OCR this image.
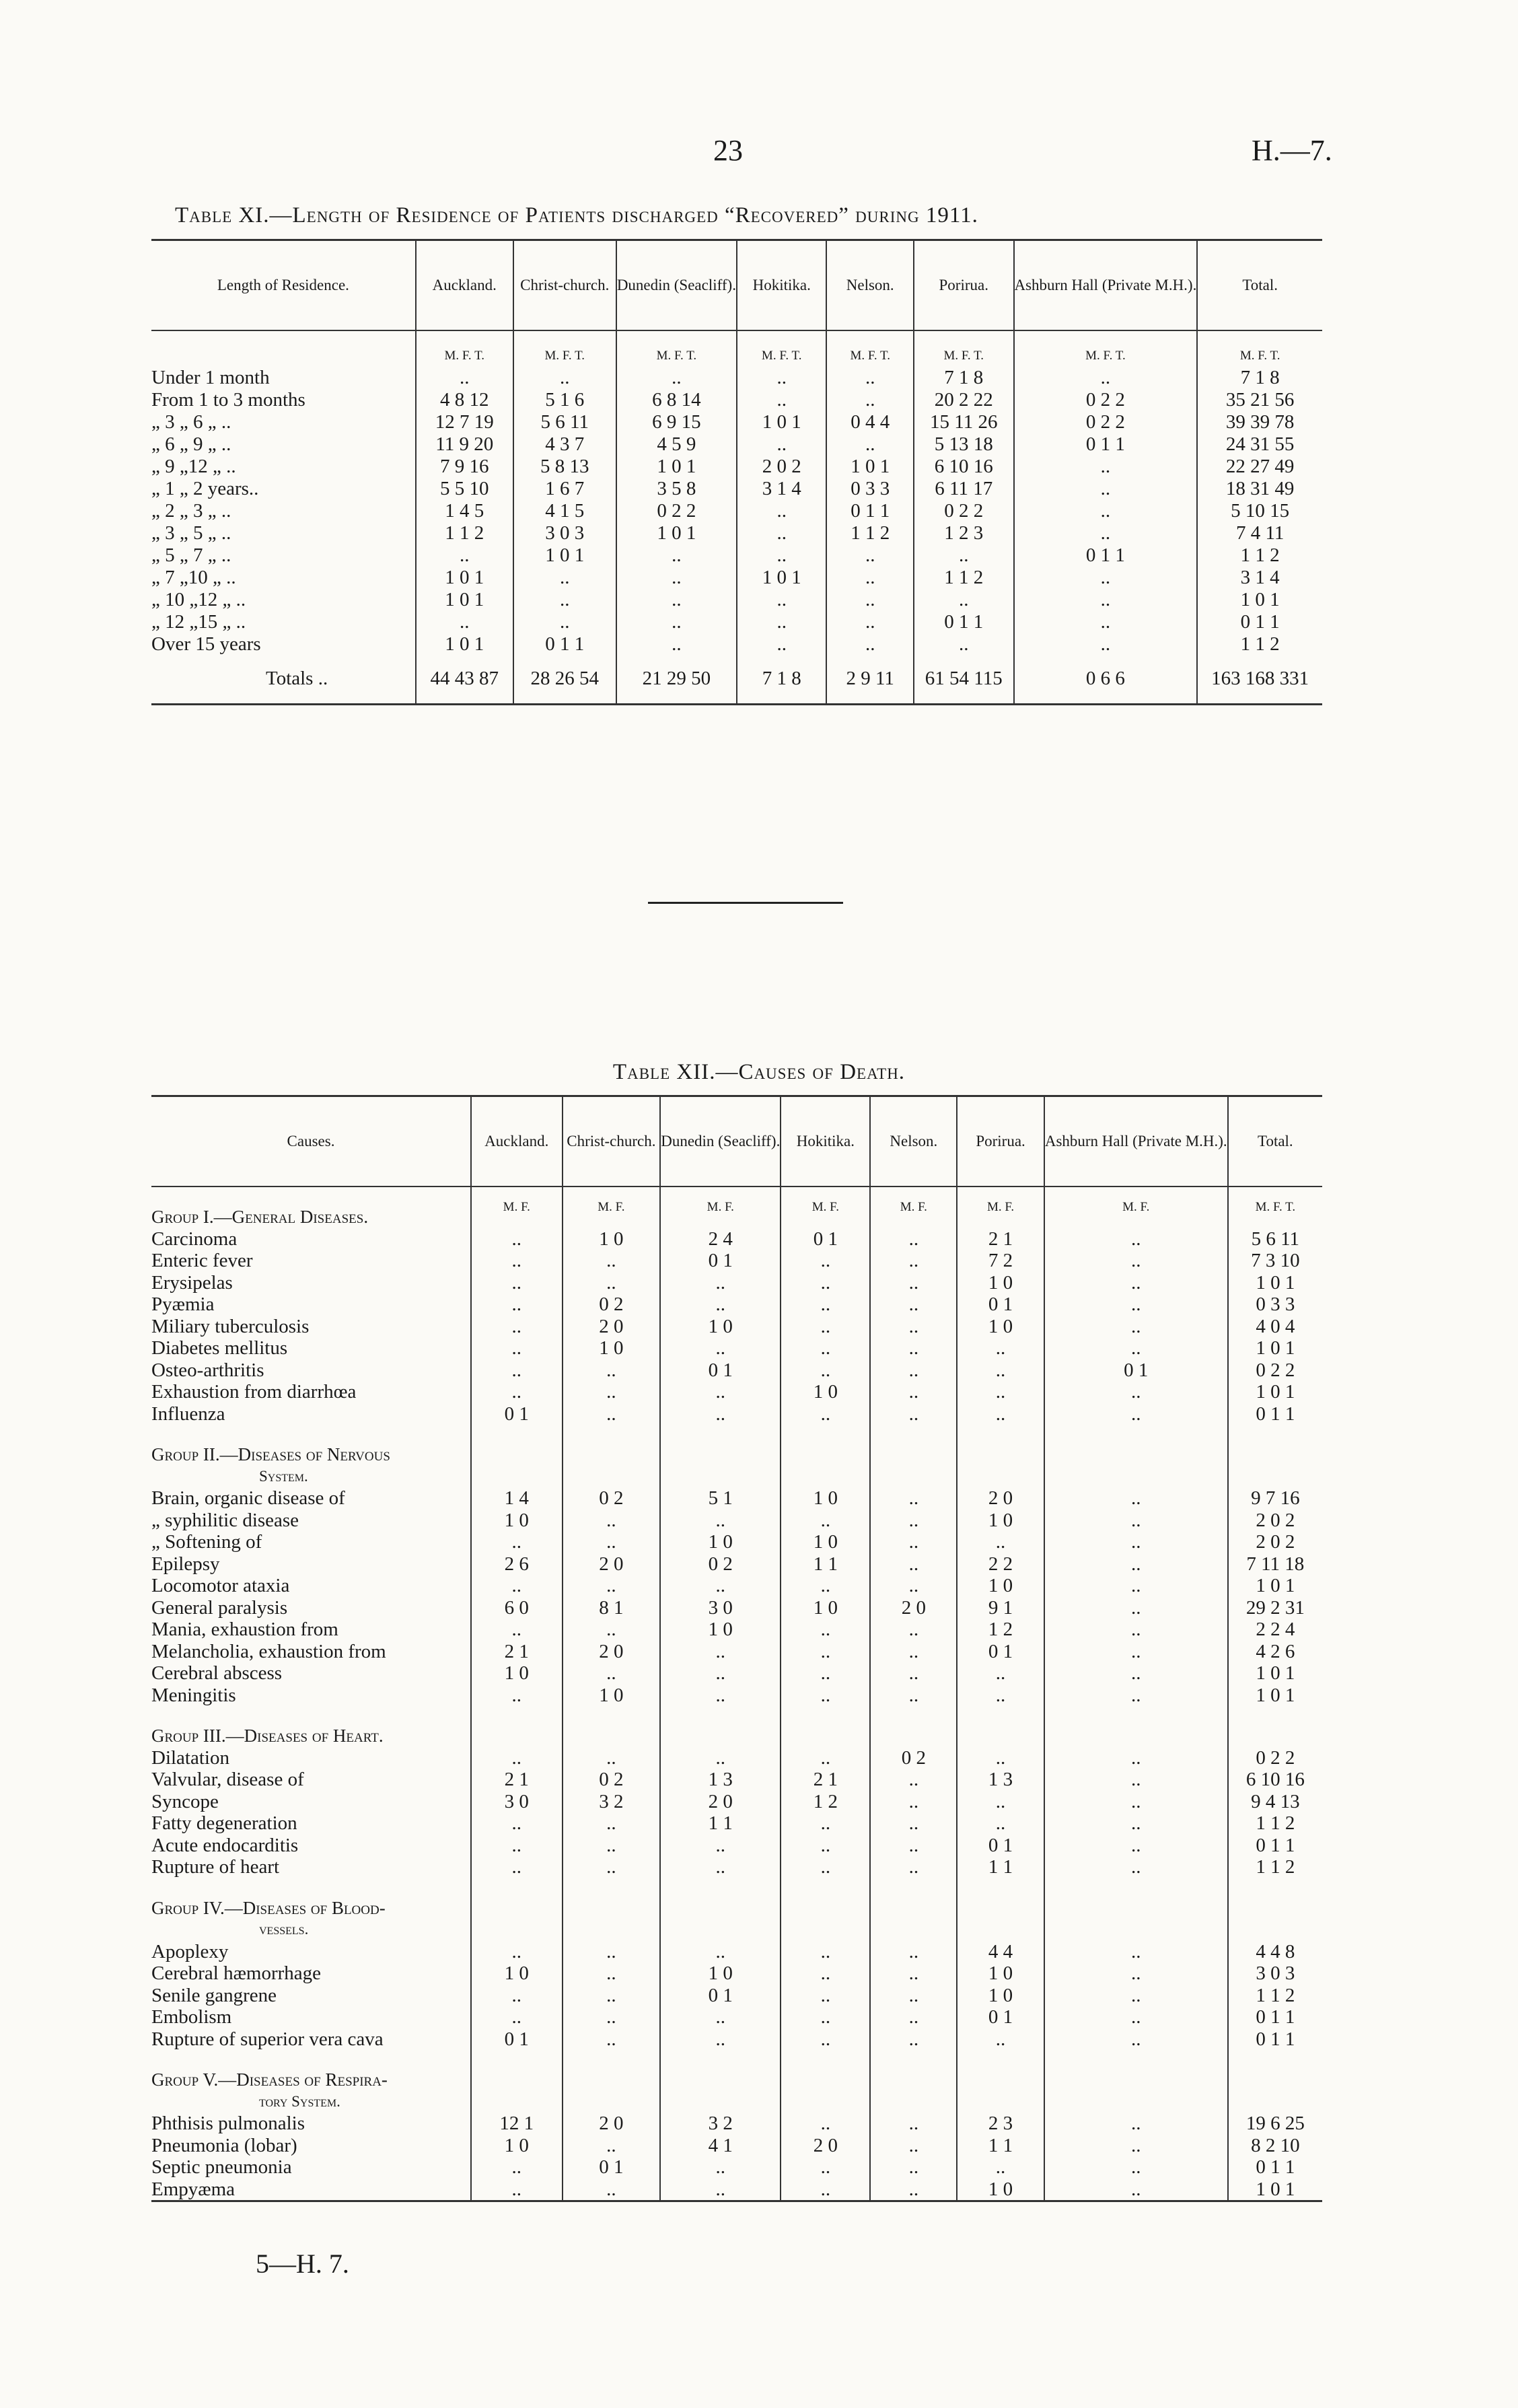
23	H.—7.
Table XI.—Length of Residence of Patients discharged “Recovered” during 1911.
Length of Residence.	Auckland.	Christ-church.	Dunedin (Seacliff).	Hokitika.	Nelson.	Porirua.	Ashburn Hall (Private M.H.).	Total.
	M. F. T.	M. F. T.	M. F. T.	M. F. T.	M. F. T.	M. F. T.	M. F. T.	M. F. T.
Under 1 month	..	..	..	..	..	7 1 8	..	7 1 8
From 1 to 3 months	4 8 12	5 1 6	6 8 14	..	..	20 2 22	0 2 2	35 21 56
„ 3 „ 6 „ ..	12 7 19	5 6 11	6 9 15	1 0 1	0 4 4	15 11 26	0 2 2	39 39 78
„ 6 „ 9 „ ..	11 9 20	4 3 7	4 5 9	..	..	5 13 18	0 1 1	24 31 55
„ 9 „12 „ ..	7 9 16	5 8 13	1 0 1	2 0 2	1 0 1	6 10 16	..	22 27 49
„ 1 „ 2 years..	5 5 10	1 6 7	3 5 8	3 1 4	0 3 3	6 11 17	..	18 31 49
„ 2 „ 3 „ ..	1 4 5	4 1 5	0 2 2	..	0 1 1	0 2 2	..	5 10 15
„ 3 „ 5 „ ..	1 1 2	3 0 3	1 0 1	..	1 1 2	1 2 3	..	7 4 11
„ 5 „ 7 „ ..	..	1 0 1	..	..	..	..	0 1 1	1 1 2
„ 7 „10 „ ..	1 0 1	..	..	1 0 1	..	1 1 2	..	3 1 4
„ 10 „12 „ ..	1 0 1	..	..	..	..	..	..	1 0 1
„ 12 „15 „ ..	..	..	..	..	..	0 1 1	..	0 1 1
Over 15 years	1 0 1	0 1 1	..	..	..	..	..	1 1 2
Totals ..	44 43 87	28 26 54	21 29 50	7 1 8	2 9 11	61 54 115	0 6 6	163 168 331
Table XII.—Causes of Death.
Causes.	Auckland.	Christ-church.	Dunedin (Seacliff).	Hokitika.	Nelson.	Porirua.	Ashburn Hall (Private M.H.).	Total.
Group I.—General Diseases.	M. F.	M. F.	M. F.	M. F.	M. F.	M. F.	M. F.	M. F. T.
Carcinoma	..	1 0	2 4	0 1	..	2 1	..	5 6 11
Enteric fever	..	..	0 1	..	..	7 2	..	7 3 10
Erysipelas	..	..	..	..	..	1 0	..	1 0 1
Pyæmia	..	0 2	..	..	..	0 1	..	0 3 3
Miliary tuberculosis	..	2 0	1 0	..	..	1 0	..	4 0 4
Diabetes mellitus	..	1 0	..	..	..	..	..	1 0 1
Osteo-arthritis	..	..	0 1	..	..	..	0 1	0 2 2
Exhaustion from diarrhœa	..	..	..	1 0	..	..	..	1 0 1
Influenza	0 1	..	..	..	..	..	..	0 1 1
Group II.—Diseases of Nervous								
System.								
Brain, organic disease of	1 4	0 2	5 1	1 0	..	2 0	..	9 7 16
„ syphilitic disease	1 0	..	..	..	..	1 0	..	2 0 2
„ Softening of	..	..	1 0	1 0	..	..	..	2 0 2
Epilepsy	2 6	2 0	0 2	1 1	..	2 2	..	7 11 18
Locomotor ataxia	..	..	..	..	..	1 0	..	1 0 1
General paralysis	6 0	8 1	3 0	1 0	2 0	9 1	..	29 2 31
Mania, exhaustion from	..	..	1 0	..	..	1 2	..	2 2 4
Melancholia, exhaustion from	2 1	2 0	..	..	..	0 1	..	4 2 6
Cerebral abscess	1 0	..	..	..	..	..	..	1 0 1
Meningitis	..	1 0	..	..	..	..	..	1 0 1
Group III.—Diseases of Heart.								
Dilatation	..	..	..	..	0 2	..	..	0 2 2
Valvular, disease of	2 1	0 2	1 3	2 1	..	1 3	..	6 10 16
Syncope	3 0	3 2	2 0	1 2	..	..	..	9 4 13
Fatty degeneration	..	..	1 1	..	..	..	..	1 1 2
Acute endocarditis	..	..	..	..	..	0 1	..	0 1 1
Rupture of heart	..	..	..	..	..	1 1	..	1 1 2
Group IV.—Diseases of Blood-								
vessels.								
Apoplexy	..	..	..	..	..	4 4	..	4 4 8
Cerebral hæmorrhage	1 0	..	1 0	..	..	1 0	..	3 0 3
Senile gangrene	..	..	0 1	..	..	1 0	..	1 1 2
Embolism	..	..	..	..	..	0 1	..	0 1 1
Rupture of superior vera cava	0 1	..	..	..	..	..	..	0 1 1
Group V.—Diseases of Respira-								
tory System.								
Phthisis pulmonalis	12 1	2 0	3 2	..	..	2 3	..	19 6 25
Pneumonia (lobar)	1 0	..	4 1	2 0	..	1 1	..	8 2 10
Septic pneumonia	..	0 1	..	..	..	..	..	0 1 1
Empyæma	..	..	..	..	..	1 0	..	1 0 1
5—H. 7.
